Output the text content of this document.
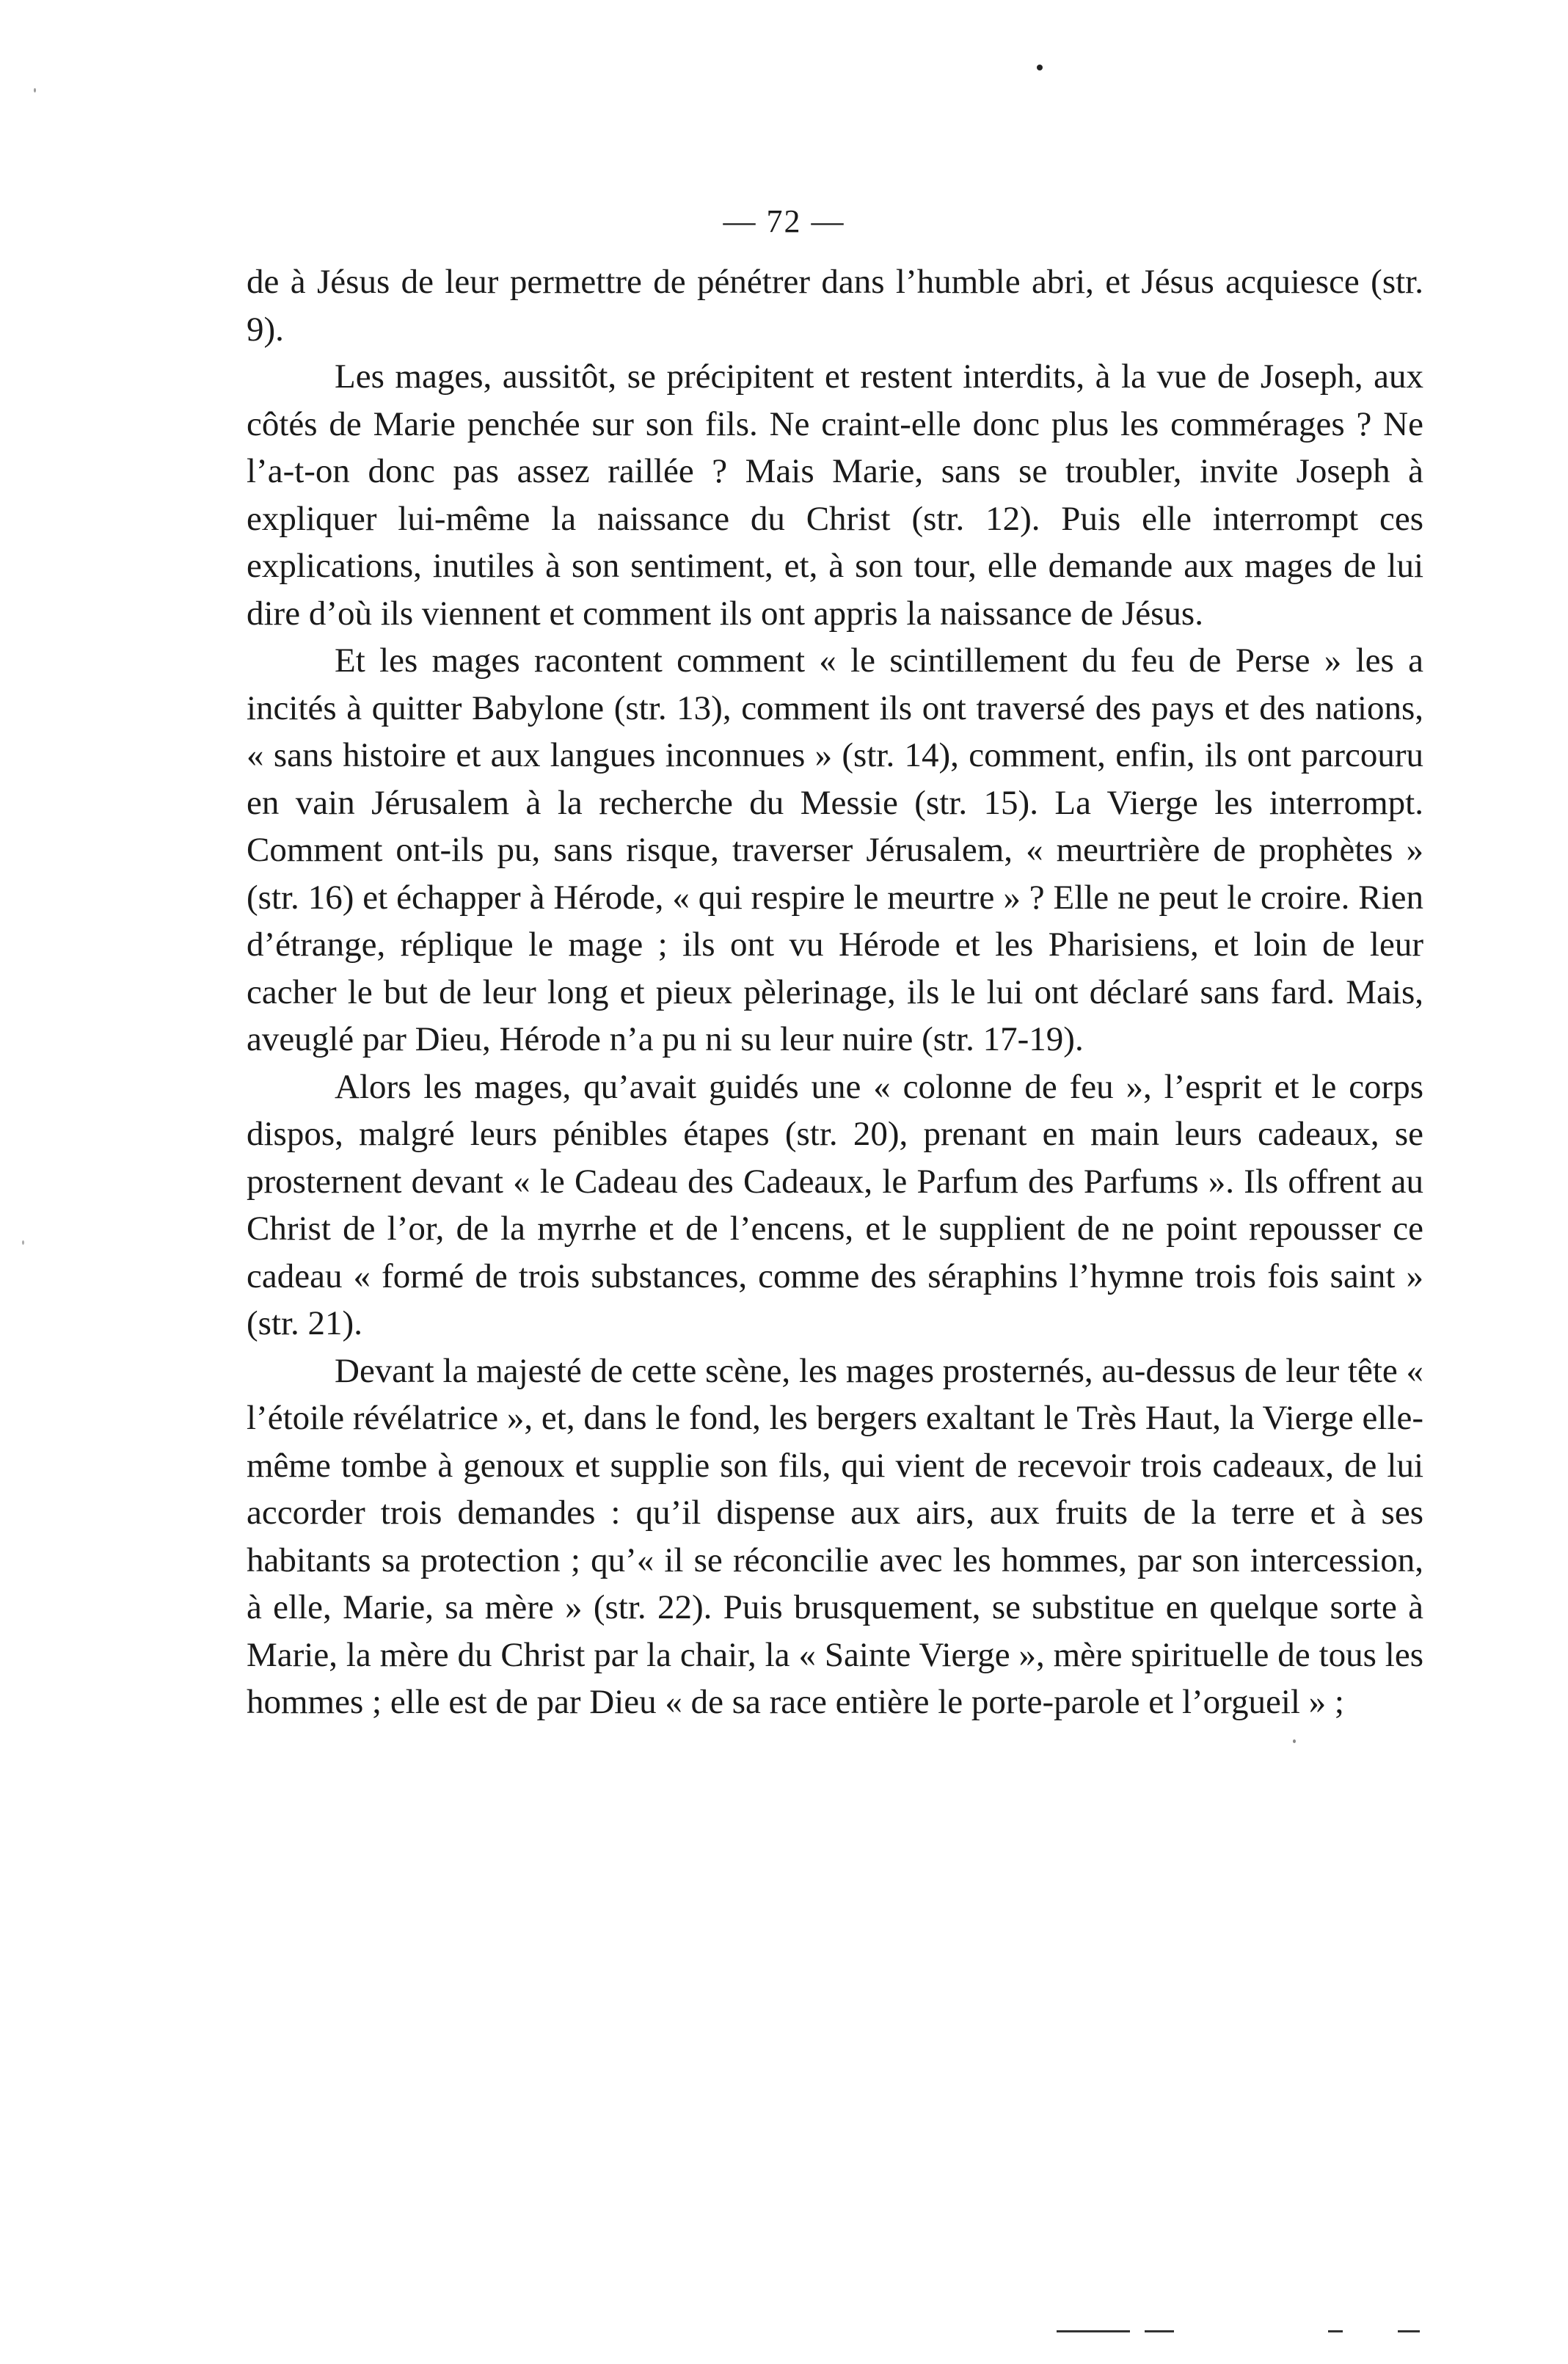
— 72 —

de à Jésus de leur permettre de pénétrer dans l’humble abri, et Jésus acquiesce (str. 9).

Les mages, aussitôt, se précipitent et restent interdits, à la vue de Joseph, aux côtés de Marie penchée sur son fils. Ne craint-elle donc plus les commérages ? Ne l’a-t-on donc pas assez raillée ? Mais Marie, sans se troubler, invite Joseph à expliquer lui-même la naissance du Christ (str. 12). Puis elle interrompt ces explications, inutiles à son sentiment, et, à son tour, elle demande aux mages de lui dire d’où ils viennent et comment ils ont appris la naissance de Jésus.

Et les mages racontent comment « le scintillement du feu de Perse » les a incités à quitter Babylone (str. 13), comment ils ont traversé des pays et des nations, « sans histoire et aux langues inconnues » (str. 14), comment, enfin, ils ont parcouru en vain Jérusalem à la recherche du Messie (str. 15). La Vierge les interrompt. Comment ont-ils pu, sans risque, traverser Jérusalem, « meurtrière de prophètes » (str. 16) et échapper à Hérode, « qui respire le meurtre » ? Elle ne peut le croire. Rien d’étrange, réplique le mage ; ils ont vu Hérode et les Pharisiens, et loin de leur cacher le but de leur long et pieux pèlerinage, ils le lui ont déclaré sans fard. Mais, aveuglé par Dieu, Hérode n’a pu ni su leur nuire (str. 17-19).

Alors les mages, qu’avait guidés une « colonne de feu », l’esprit et le corps dispos, malgré leurs pénibles étapes (str. 20), prenant en main leurs cadeaux, se prosternent devant « le Cadeau des Cadeaux, le Parfum des Parfums ». Ils offrent au Christ de l’or, de la myrrhe et de l’encens, et le supplient de ne point repousser ce cadeau « formé de trois substances, comme des séraphins l’hymne trois fois saint » (str. 21).

Devant la majesté de cette scène, les mages prosternés, au-dessus de leur tête « l’étoile révélatrice », et, dans le fond, les bergers exaltant le Très Haut, la Vierge elle-même tombe à genoux et supplie son fils, qui vient de recevoir trois cadeaux, de lui accorder trois demandes : qu’il dispense aux airs, aux fruits de la terre et à ses habitants sa protection ; qu’« il se réconcilie avec les hommes, par son intercession, à elle, Marie, sa mère » (str. 22). Puis brusquement, se substitue en quelque sorte à Marie, la mère du Christ par la chair, la « Sainte Vierge », mère spirituelle de tous les hommes ; elle est de par Dieu « de sa race entière le porte-parole et l’orgueil » ;
